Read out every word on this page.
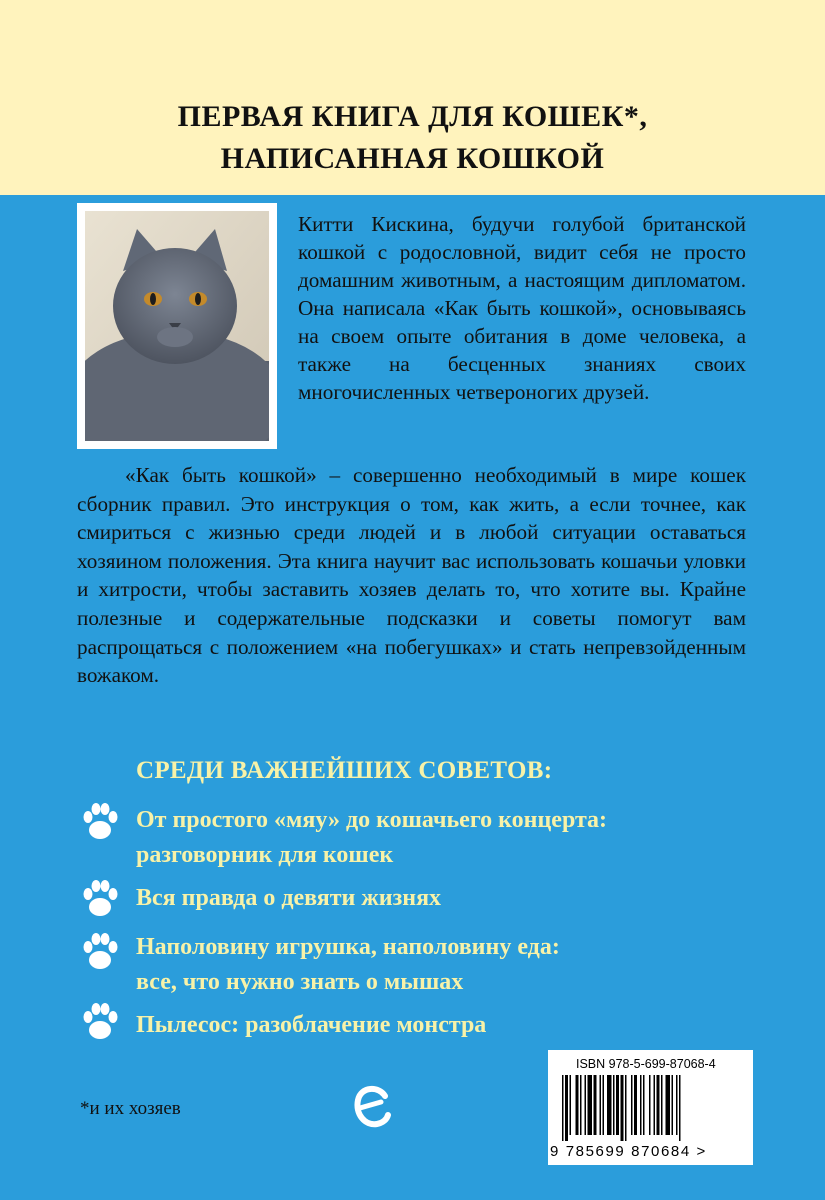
ПЕРВАЯ КНИГА ДЛЯ КОШЕК*,
НАПИСАННАЯ КОШКОЙ
Китти Кискина, будучи голубой британской кошкой с родословной, видит себя не просто домашним животным, а настоящим дипломатом. Она написала «Как быть кошкой», основываясь на своем опыте обитания в доме человека, а также на бесценных знаниях своих многочисленных четвероногих друзей.
«Как быть кошкой» – совершенно необходимый в мире кошек сборник правил. Это инструкция о том, как жить, а если точнее, как смириться с жизнью среди людей и в любой ситуации оставаться хозяином положения. Эта книга научит вас использовать кошачьи уловки и хитрости, чтобы заставить хозяев делать то, что хотите вы. Крайне полезные и содержательные подсказки и советы помогут вам распрощаться с положением «на побегушках» и стать непревзойденным вожаком.
СРЕДИ ВАЖНЕЙШИХ СОВЕТОВ:
От простого «мяу» до кошачьего концерта:
разговорник для кошек
Вся правда о девяти жизнях
Наполовину игрушка, наполовину еда:
все, что нужно знать о мышах
Пылесос: разоблачение монстра
*и их хозяев
ISBN 978-5-699-87068-4
9 785699 870684 >
